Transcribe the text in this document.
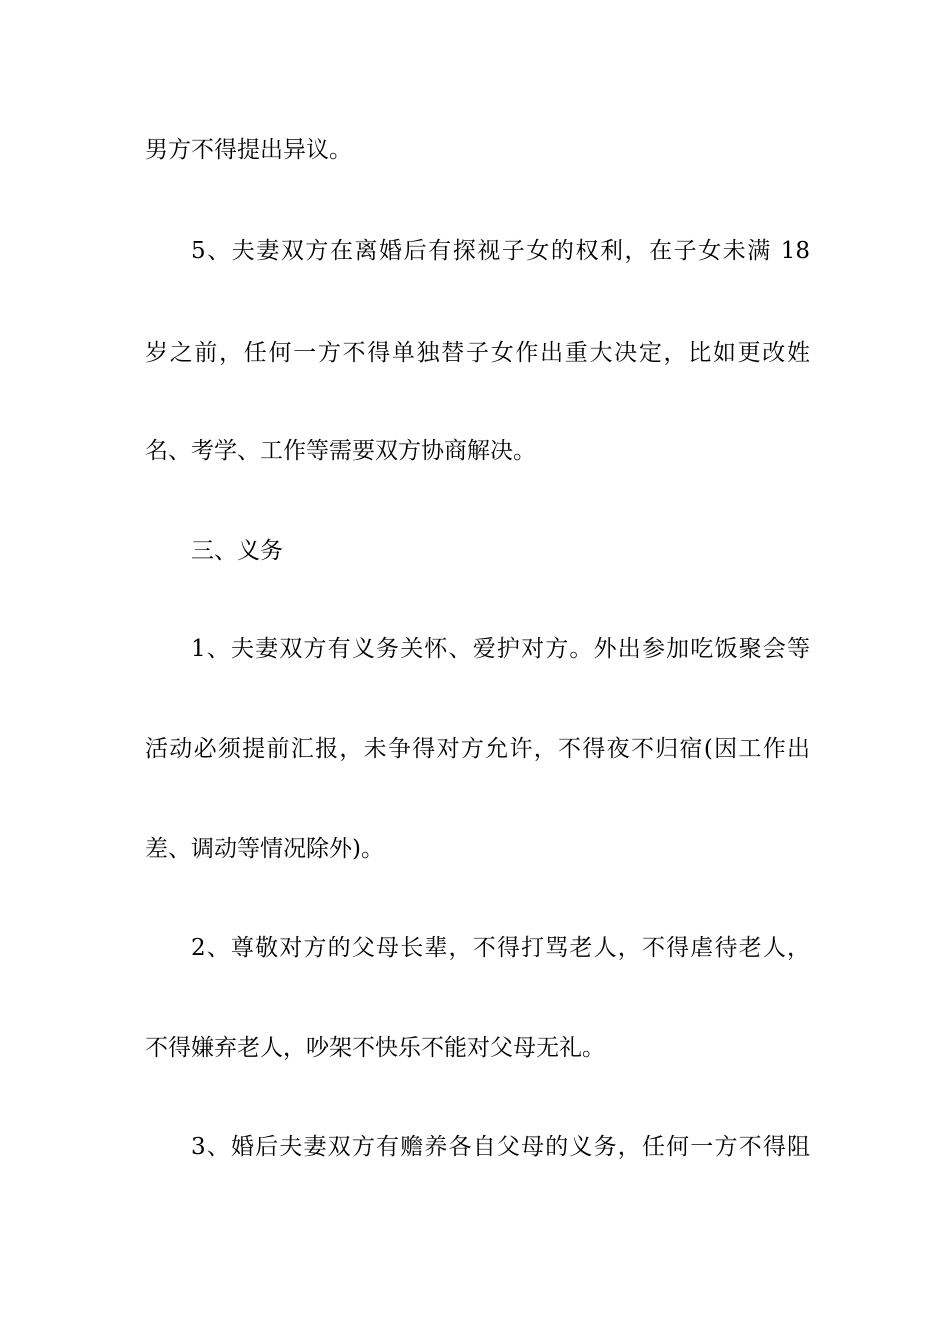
男方不得提出异议。
5、夫妻双方在离婚后有探视子女的权利，在子女未满 18
岁之前，任何一方不得单独替子女作出重大决定，比如更改姓
名、考学、工作等需要双方协商解决。
三、义务
1、夫妻双方有义务关怀、爱护对方。外出参加吃饭聚会等
活动必须提前汇报，未争得对方允许，不得夜不归宿(因工作出
差、调动等情况除外)。
2、尊敬对方的父母长辈，不得打骂老人，不得虐待老人，
不得嫌弃老人，吵架不快乐不能对父母无礼。
3、婚后夫妻双方有赡养各自父母的义务，任何一方不得阻
